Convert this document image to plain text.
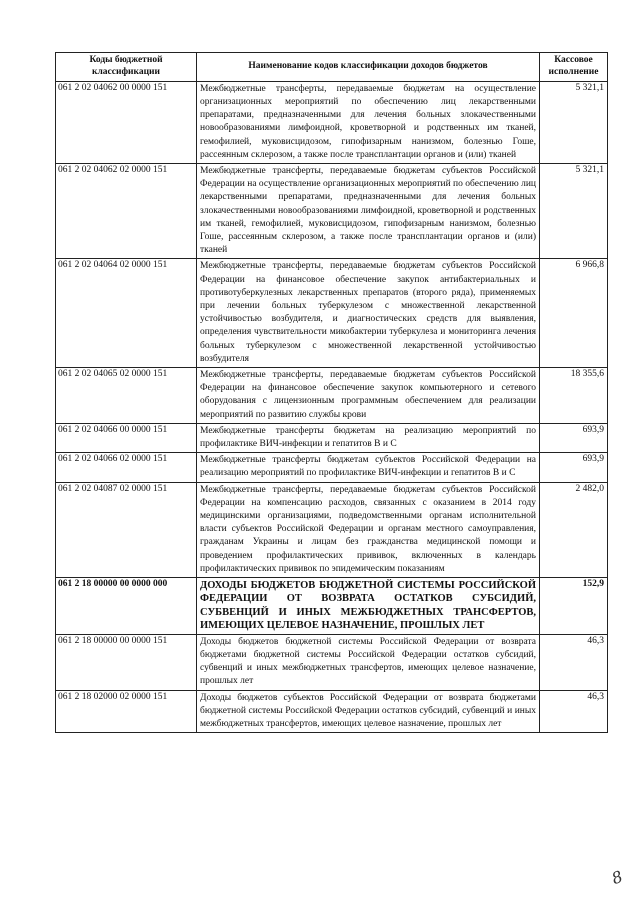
Коды бюджетной классификации	Наименование кодов классификации доходов бюджетов	Кассовое исполнение
061 2 02 04062 00 0000 151	Межбюджетные трансферты, передаваемые бюджетам на осуществление организационных мероприятий по обеспечению лиц лекарственными препаратами, предназначенными для лечения больных злокачественными новообразованиями лимфоидной, кроветворной и родственных им тканей, гемофилией, муковисцидозом, гипофизарным нанизмом, болезнью Гоше, рассеянным склерозом, а также после трансплантации органов и (или) тканей	5 321,1
061 2 02 04062 02 0000 151	Межбюджетные трансферты, передаваемые бюджетам субъектов Российской Федерации на осуществление организационных мероприятий по обеспечению лиц лекарственными препаратами, предназначенными для лечения больных злокачественными новообразованиями лимфоидной, кроветворной и родственных им тканей, гемофилией, муковисцидозом, гипофизарным нанизмом, болезнью Гоше, рассеянным склерозом, а также после трансплантации органов и (или) тканей	5 321,1
061 2 02 04064 02 0000 151	Межбюджетные трансферты, передаваемые бюджетам субъектов Российской Федерации на финансовое обеспечение закупок антибактериальных и противотуберкулезных лекарственных препаратов (второго ряда), применяемых при лечении больных туберкулезом с множественной лекарственной устойчивостью возбудителя, и диагностических средств для выявления, определения чувствительности микобактерии туберкулеза и мониторинга лечения больных туберкулезом с множественной лекарственной устойчивостью возбудителя	6 966,8
061 2 02 04065 02 0000 151	Межбюджетные трансферты, передаваемые бюджетам субъектов Российской Федерации на финансовое обеспечение закупок компьютерного и сетевого оборудования с лицензионным программным обеспечением для реализации мероприятий по развитию службы крови	18 355,6
061 2 02 04066 00 0000 151	Межбюджетные трансферты бюджетам на реализацию мероприятий по профилактике ВИЧ-инфекции и гепатитов В и С	693,9
061 2 02 04066 02 0000 151	Межбюджетные трансферты бюджетам субъектов Российской Федерации на реализацию мероприятий по профилактике ВИЧ-инфекции и гепатитов В и С	693,9
061 2 02 04087 02 0000 151	Межбюджетные трансферты, передаваемые бюджетам субъектов Российской Федерации на компенсацию расходов, связанных с оказанием в 2014 году медицинскими организациями, подведомственными органам исполнительной власти субъектов Российской Федерации и органам местного самоуправления, гражданам Украины и лицам без гражданства медицинской помощи и проведением профилактических прививок, включенных в календарь профилактических прививок по эпидемическим показаниям	2 482,0
061 2 18 00000 00 0000 000	ДОХОДЫ БЮДЖЕТОВ БЮДЖЕТНОЙ СИСТЕМЫ РОССИЙСКОЙ ФЕДЕРАЦИИ ОТ ВОЗВРАТА ОСТАТКОВ СУБСИДИЙ, СУБВЕНЦИЙ И ИНЫХ МЕЖБЮДЖЕТНЫХ ТРАНСФЕРТОВ, ИМЕЮЩИХ ЦЕЛЕВОЕ НАЗНАЧЕНИЕ, ПРОШЛЫХ ЛЕТ	152,9
061 2 18 00000 00 0000 151	Доходы бюджетов бюджетной системы Российской Федерации от возврата бюджетами бюджетной системы Российской Федерации остатков субсидий, субвенций и иных межбюджетных трансфертов, имеющих целевое назначение, прошлых лет	46,3
061 2 18 02000 02 0000 151	Доходы бюджетов субъектов Российской Федерации от возврата бюджетами бюджетной системы Российской Федерации остатков субсидий, субвенций и иных межбюджетных трансфертов, имеющих целевое назначение, прошлых лет	46,3
8
